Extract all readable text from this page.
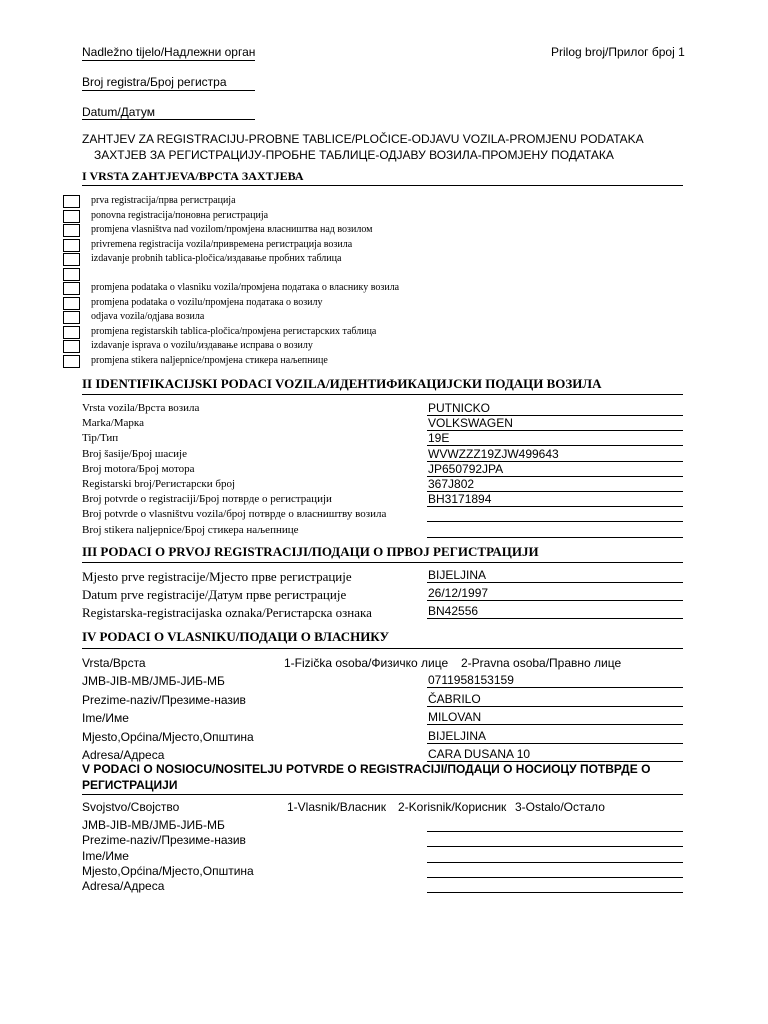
Nadležno tijelo/Надлежни орган	Prilog broj/Прилог број 1
Broj registra/Број регистра
Datum/Датум
ZAHTJEV ZA REGISTRACIJU-PROBNE TABLICE/PLOČICE-ODJAVU VOZILA-PROMJENU PODATAKA
ЗАХТЈЕВ ЗА РЕГИСТРАЦИЈУ-ПРОБНЕ ТАБЛИЦЕ-ОДЈАВУ ВОЗИЛА-ПРОМЈЕНУ ПОДАТАКА
I VRSTA ZAHTJEVA/ВРСТА ЗАХТЈЕВА
prva registracija/прва регистрација
ponovna registracija/поновна регистрација
promjena vlasništva nad vozilom/промјена власништва над возилом
privremena registracija vozila/привремена регистрација возила
izdavanje probnih tablica-pločica/издавање пробних таблица
promjena podataka o vlasniku vozila/промјена података о власнику возила
promjena podataka o vozilu/промјена података о возилу
odjava vozila/одјава возила
promjena registarskih tablica-pločica/промјена регистарских таблица
izdavanje isprava o vozilu/издавање исправа о возилу
promjena stikera naljepnice/промјена стикера наљепнице
II IDENTIFIKACIJSKI PODACI VOZILA/ИДЕНТИФИКАЦИЈСКИ ПОДАЦИ ВОЗИЛА
Vrsta vozila/Врста возила	PUTNICKO
Marka/Марка	VOLKSWAGEN
Tip/Тип	19E
Broj šasije/Број шасије	WVWZZZ19ZJW499643
Broj motora/Број мотора	JP650792JPA
Registarski broj/Регистарски број	367J802
Broj potvrde o registraciji/Број потврде о регистрацији	BH3171894
Broj potvrde o vlasništvu vozila/број потврде о власништву возила
Broj stikera naljepnice/Број стикера наљепнице
III PODACI O PRVOJ REGISTRACIJI/ПОДАЦИ О ПРВОЈ РЕГИСТРАЦИЈИ
Mjesto prve registracije/Мјесто прве регистрације	BIJELJINA
Datum prve registracije/Датум прве регистрације	26/12/1997
Registarska-registracijaska oznaka/Регистарска ознака	BN42556
IV PODACI O VLASNIKU/ПОДАЦИ О ВЛАСНИКУ
Vrsta/Врста	1-Fizička osoba/Физичко лице 2-Pravna osoba/Правно лице
JMB-JIB-MB/ЈМБ-ЈИБ-МБ	0711958153159
Prezime-naziv/Презиме-назив	ČABRILO
Ime/Име	MILOVAN
Mjesto,Općina/Мјесто,Општина	BIJELJINA
Adresa/Адреса	CARA DUSANA 10
V PODACI O NOSIOCU/NOSITELJU POTVRDE O REGISTRACIJI/ПОДАЦИ О НОСИОЦУ ПОТВРДЕ О
РЕГИСТРАЦИЈИ
Svojstvo/Својство	1-Vlasnik/Власник 2-Korisnik/Корисник 3-Ostalo/Остало
JMB-JIB-MB/ЈМБ-ЈИБ-МБ
Prezime-naziv/Презиме-назив
Ime/Име
Mjesto,Općina/Мјесто,Општина
Adresa/Адреса
